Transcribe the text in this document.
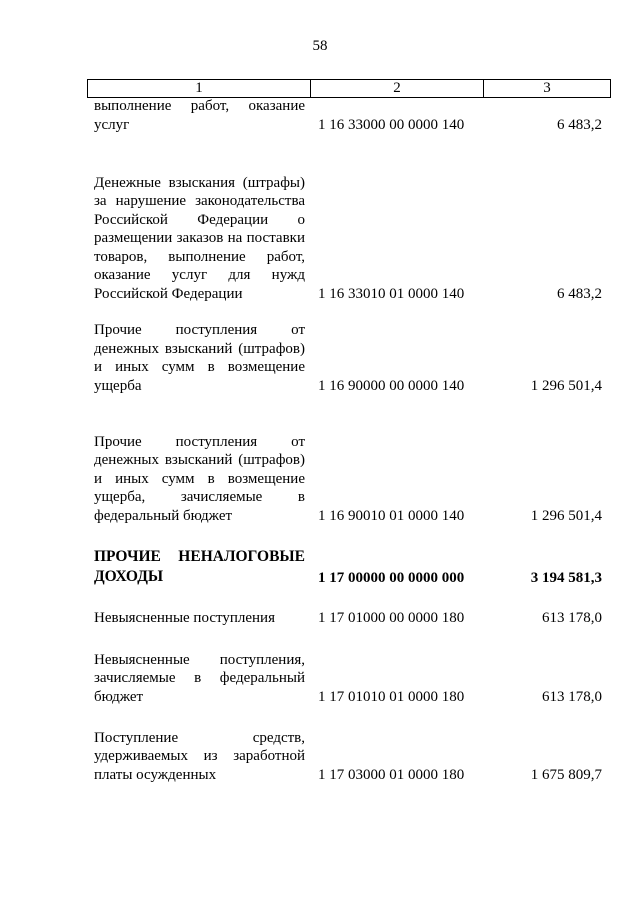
58
1	2	3
выполнение работ, оказание услуг	1 16 33000 00 0000 140	6 483,2
Денежные взыскания (штрафы) за нарушение законодательства Российской Федерации о размещении заказов на поставки товаров, выполнение работ, оказание услуг для нужд Российской Федерации	1 16 33010 01 0000 140	6 483,2
Прочие поступления от денежных взысканий (штрафов) и иных сумм в возмещение ущерба	1 16 90000 00 0000 140	1 296 501,4
Прочие поступления от денежных взысканий (штрафов) и иных сумм в возмещение ущерба, зачисляемые в федеральный бюджет	1 16 90010 01 0000 140	1 296 501,4
ПРОЧИЕ НЕНАЛОГОВЫЕ ДОХОДЫ	1 17 00000 00 0000 000	3 194 581,3
Невыясненные поступления	1 17 01000 00 0000 180	613 178,0
Невыясненные поступления, зачисляемые в федеральный бюджет	1 17 01010 01 0000 180	613 178,0
Поступление средств, удерживаемых из заработной платы осужденных	1 17 03000 01 0000 180	1 675 809,7
